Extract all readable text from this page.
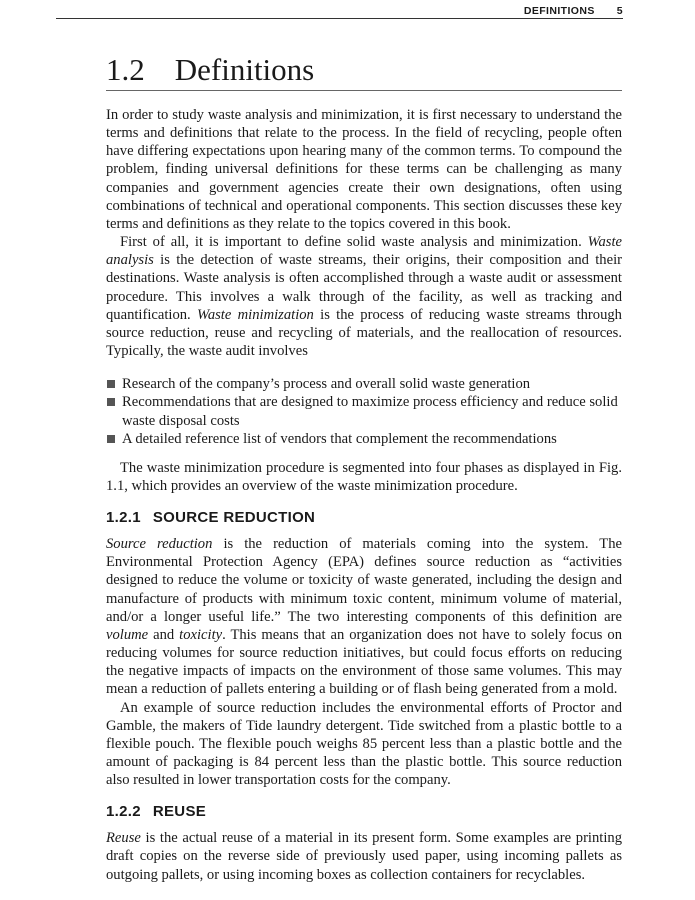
DEFINITIONS 5
1.2 Definitions

In order to study waste analysis and minimization, it is first necessary to understand the terms and definitions that relate to the process. In the field of recycling, people often have differing expectations upon hearing many of the common terms. To compound the problem, finding universal definitions for these terms can be challenging as many companies and government agencies create their own designations, often using combinations of technical and operational components. This section discusses these key terms and definitions as they relate to the topics covered in this book.

First of all, it is important to define solid waste analysis and minimization. Waste analysis is the detection of waste streams, their origins, their composition and their destinations. Waste analysis is often accomplished through a waste audit or assessment procedure. This involves a walk through of the facility, as well as tracking and quantification. Waste minimization is the process of reducing waste streams through source reduction, reuse and recycling of materials, and the reallocation of resources. Typically, the waste audit involves

Research of the company’s process and overall solid waste generation
Recommendations that are designed to maximize process efficiency and reduce solid waste disposal costs
A detailed reference list of vendors that complement the recommendations

The waste minimization procedure is segmented into four phases as displayed in Fig. 1.1, which provides an overview of the waste minimization procedure.

1.2.1 SOURCE REDUCTION

Source reduction is the reduction of materials coming into the system. The Environmental Protection Agency (EPA) defines source reduction as “activities designed to reduce the volume or toxicity of waste generated, including the design and manufacture of products with minimum toxic content, minimum volume of material, and/or a longer useful life.” The two interesting components of this definition are volume and toxicity. This means that an organization does not have to solely focus on reducing volumes for source reduction initiatives, but could focus efforts on reducing the negative impacts of impacts on the environment of those same volumes. This may mean a reduction of pallets entering a building or of flash being generated from a mold.

An example of source reduction includes the environmental efforts of Proctor and Gamble, the makers of Tide laundry detergent. Tide switched from a plastic bottle to a flexible pouch. The flexible pouch weighs 85 percent less than a plastic bottle and the amount of packaging is 84 percent less than the plastic bottle. This source reduction also resulted in lower transportation costs for the company.

1.2.2 REUSE

Reuse is the actual reuse of a material in its present form. Some examples are printing draft copies on the reverse side of previously used paper, using incoming pallets as outgoing pallets, or using incoming boxes as collection containers for recyclables.
